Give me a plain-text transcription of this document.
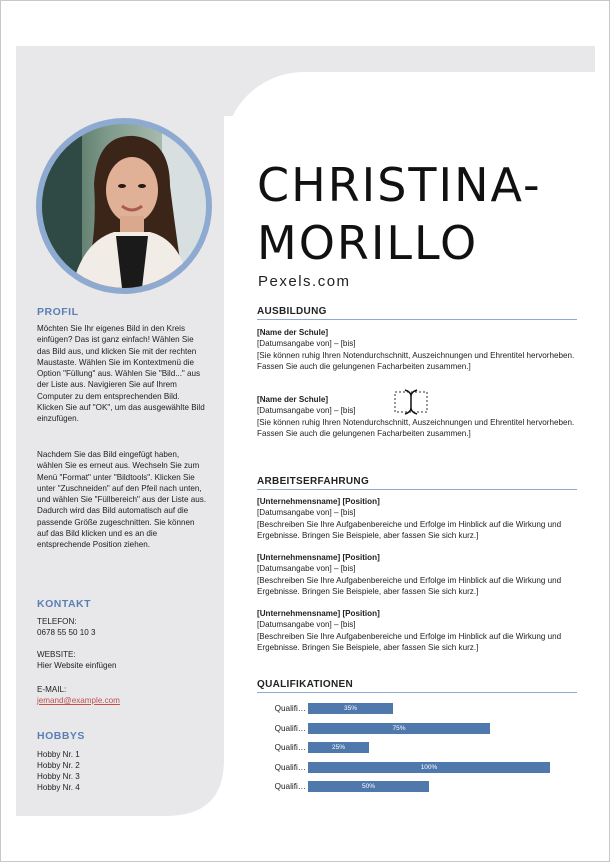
PROFIL
Möchten Sie Ihr eigenes Bild in den Kreis einfügen? Das ist ganz einfach! Wählen Sie das Bild aus, und klicken Sie mit der rechten Maustaste. Wählen Sie im Kontextmenü die Option "Füllung" aus. Wählen Sie "Bild..." aus der Liste aus. Navigieren Sie auf Ihrem Computer zu dem entsprechenden Bild. Klicken Sie auf "OK", um das ausgewählte Bild einzufügen.
Nachdem Sie das Bild eingefügt haben, wählen Sie es erneut aus. Wechseln Sie zum Menü "Format" unter "Bildtools". Klicken Sie unter "Zuschneiden" auf den Pfeil nach unten, und wählen Sie "Füllbereich" aus der Liste aus. Dadurch wird das Bild automatisch auf die passende Größe zugeschnitten. Sie können auf das Bild klicken und es an die entsprechende Position ziehen.
KONTAKT
TELEFON:
0678 55 50 10 3
WEBSITE:
Hier Website einfügen
E-MAIL:
jemand@example.com
HOBBYS
Hobby Nr. 1
Hobby Nr. 2
Hobby Nr. 3
Hobby Nr. 4
CHRISTINA-
MORILLO
Pexels.com
AUSBILDUNG
[Name der Schule]
[Datumsangabe von] – [bis]
[Sie können ruhig Ihren Notendurchschnitt, Auszeichnungen und Ehrentitel hervorheben. Fassen Sie auch die gelungenen Facharbeiten zusammen.]
[Name der Schule]
[Datumsangabe von] – [bis]
[Sie können ruhig Ihren Notendurchschnitt, Auszeichnungen und Ehrentitel hervorheben. Fassen Sie auch die gelungenen Facharbeiten zusammen.]
ARBEITSERFAHRUNG
[Unternehmensname] [Position]
[Datumsangabe von] – [bis]
[Beschreiben Sie Ihre Aufgabenbereiche und Erfolge im Hinblick auf die Wirkung und Ergebnisse. Bringen Sie Beispiele, aber fassen Sie sich kurz.]
[Unternehmensname] [Position]
[Datumsangabe von] – [bis]
[Beschreiben Sie Ihre Aufgabenbereiche und Erfolge im Hinblick auf die Wirkung und Ergebnisse. Bringen Sie Beispiele, aber fassen Sie sich kurz.]
[Unternehmensname] [Position]
[Datumsangabe von] – [bis]
[Beschreiben Sie Ihre Aufgabenbereiche und Erfolge im Hinblick auf die Wirkung und Ergebnisse. Bringen Sie Beispiele, aber fassen Sie sich kurz.]
QUALIFIKATIONEN
Qualifi…	35%
Qualifi…	75%
Qualifi…	25%
Qualifi…	100%
Qualifi…	50%
